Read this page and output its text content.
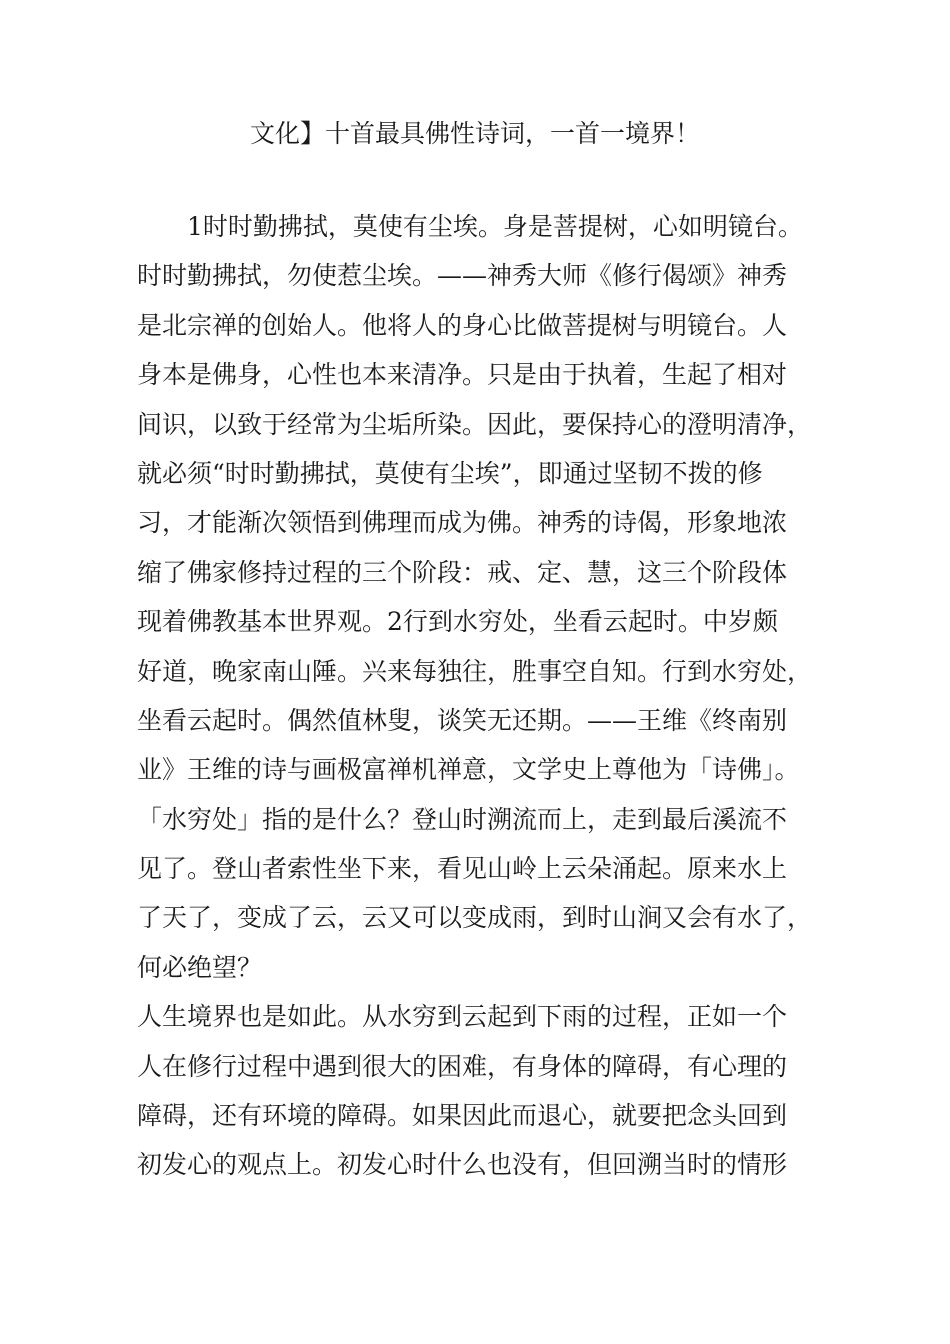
文化】十首最具佛性诗词，一首一境界！
1时时勤拂拭，莫使有尘埃。身是菩提树，心如明镜台。
时时勤拂拭，勿使惹尘埃。——神秀大师《修行偈颂》神秀
是北宗禅的创始人。他将人的身心比做菩提树与明镜台。人
身本是佛身，心性也本来清净。只是由于执着，生起了相对
间识，以致于经常为尘垢所染。因此，要保持心的澄明清净，
就必须“时时勤拂拭，莫使有尘埃”，即通过坚韧不拨的修
习，才能渐次领悟到佛理而成为佛。神秀的诗偈，形象地浓
缩了佛家修持过程的三个阶段：戒、定、慧，这三个阶段体
现着佛教基本世界观。2行到水穷处，坐看云起时。中岁颇
好道，晚家南山陲。兴来每独往，胜事空自知。行到水穷处，
坐看云起时。偶然值林叟，谈笑无还期。——王维《终南别
业》王维的诗与画极富禅机禅意，文学史上尊他为「诗佛」。
「水穷处」指的是什么？登山时溯流而上，走到最后溪流不
见了。登山者索性坐下来，看见山岭上云朵涌起。原来水上
了天了，变成了云，云又可以变成雨，到时山涧又会有水了，
何必绝望？
人生境界也是如此。从水穷到云起到下雨的过程，正如一个
人在修行过程中遇到很大的困难，有身体的障碍，有心理的
障碍，还有环境的障碍。如果因此而退心，就要把念头回到
初发心的观点上。初发心时什么也没有，但回溯当时的情形
